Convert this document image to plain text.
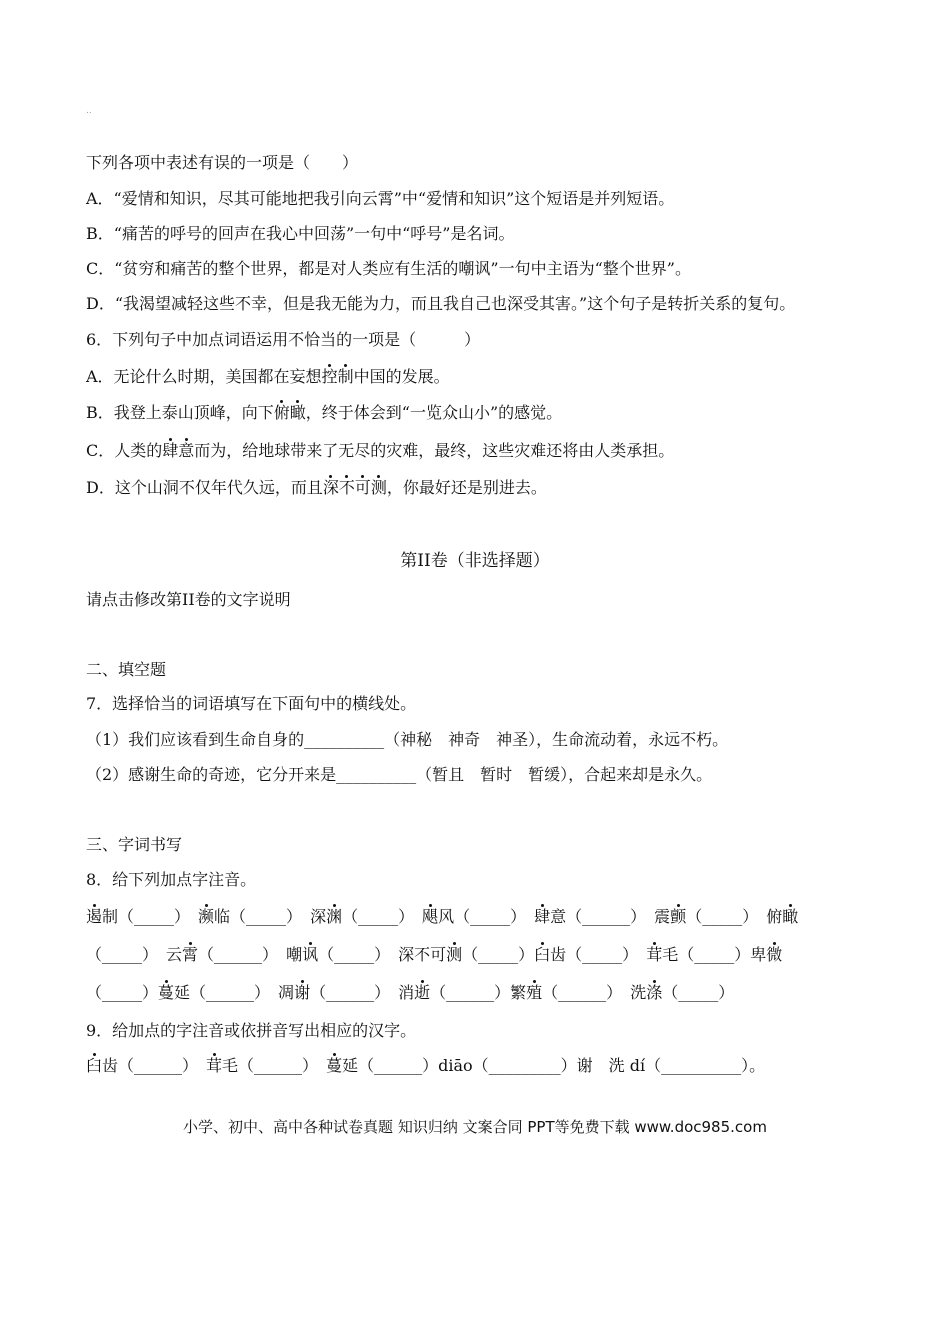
..
下列各项中表述有误的一项是（　　）
A．“爱情和知识，尽其可能地把我引向云霄”中“爱情和知识”这个短语是并列短语。
B．“痛苦的呼号的回声在我心中回荡”一句中“呼号”是名词。
C．“贫穷和痛苦的整个世界，都是对人类应有生活的嘲讽”一句中主语为“整个世界”。
D．“我渴望减轻这些不幸，但是我无能为力，而且我自己也深受其害。”这个句子是转折关系的复句。
6．下列句子中加点词语运用不恰当的一项是（　　　）
A．无论什么时期，美国都在妄想控制中国的发展。
B．我登上泰山顶峰，向下俯瞰，终于体会到“一览众山小”的感觉。
C．人类的肆意而为，给地球带来了无尽的灾难，最终，这些灾难还将由人类承担。
D．这个山洞不仅年代久远，而且深不可测，你最好还是别进去。
第II卷（非选择题）
请点击修改第II卷的文字说明
二、填空题
7．选择恰当的词语填写在下面句中的横线处。
（1）我们应该看到生命自身的__________（神秘　神奇　神圣），生命流动着，永远不朽。
（2）感谢生命的奇迹，它分开来是__________（暂且　暂时　暂缓），合起来却是永久。
三、字词书写
8．给下列加点字注音。
遏制（_____）　濒临（_____）　深渊（_____）　飓风（_____）　肆意（______）　震颤（_____）　俯瞰
（_____）　云霄（______）　嘲讽（_____）　深不可测（_____）臼齿（_____）　茸毛（_____）卑微
（_____）蔓延（______）　凋谢（______）　消逝（______）繁殖（______）　洗涤（_____）
9．给加点的字注音或依拼音写出相应的汉字。
臼齿（______）　茸毛（______）　蔓延（______）diāo（_________）谢　洗 dí（__________）。
小学、初中、高中各种试卷真题 知识归纳 文案合同 PPT等免费下载 www.doc985.com
